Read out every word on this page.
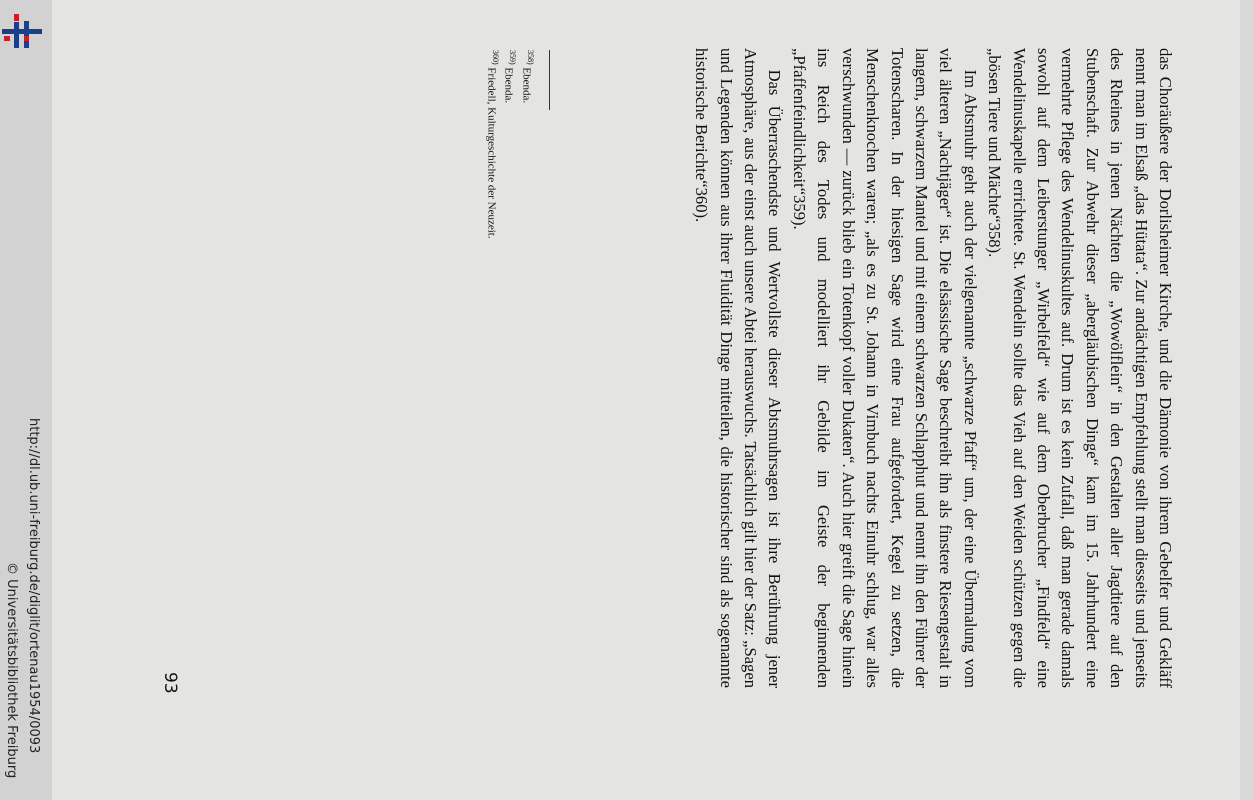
http://dl.ub.uni-freiburg.de/diglit/ortenau1954/0093
© Universitätsbibliothek Freiburg	das Choräußere der Dorlisheimer Kirche, und die Dämonie von ihrem Gebelfer und Gekläff nennt man im Elsaß „das Hütata“. Zur andächtigen Empfehlung stellt man diesseits und jenseits des Rheines in jenen Nächten die „Wowölflein“ in den Gestalten aller Jagdtiere auf den Stubenschaft. Zur Abwehr dieser „abergläubischen Dinge“ kam im 15. Jahrhundert eine vermehrte Pflege des Wendelinuskultes auf. Drum ist es kein Zufall, daß man gerade damals sowohl auf dem Leiberstunger „Wirbelfeld“ wie auf dem Oberbrucher „Findfeld“ eine Wendelinuskapelle errichtete. St. Wendelin sollte das Vieh auf den Weiden schützen gegen die „bösen Tiere und Mächte“358).

Im Abtsmuhr geht auch der vielgenannte „schwarze Pfaff“ um, der eine Übermalung vom viel älteren „Nachtjäger“ ist. Die elsässische Sage beschreibt ihn als finstere Riesengestalt in langem, schwarzem Mantel und mit einem schwarzen Schlapphut und nennt ihn den Führer der Totenscharen. In der hiesigen Sage wird eine Frau aufgefordert, Kegel zu setzen, die Menschenknochen waren; „als es zu St. Johann in Vimbuch nachts Einuhr schlug, war alles verschwunden — zurück blieb ein Totenkopf voller Dukaten“. Auch hier greift die Sage hinein ins Reich des Todes und modelliert ihr Gebilde im Geiste der beginnenden „Pfaffenfeindlichkeit“359).

Das Überraschendste und Wertvollste dieser Abtsmuhrsagen ist ihre Berührung jener Atmosphäre, aus der einst auch unsere Abtei herauswuchs. Tatsächlich gilt hier der Satz: „Sagen und Legenden können aus ihrer Fluidität Dinge mitteilen, die historischer sind als sogenannte historische Berichte“360).

$^{358)}$ Ebenda.

$^{359)}$ Ebenda.

$^{360)}$ Friedell, Kulturgeschichte der Neuzeit.

93
